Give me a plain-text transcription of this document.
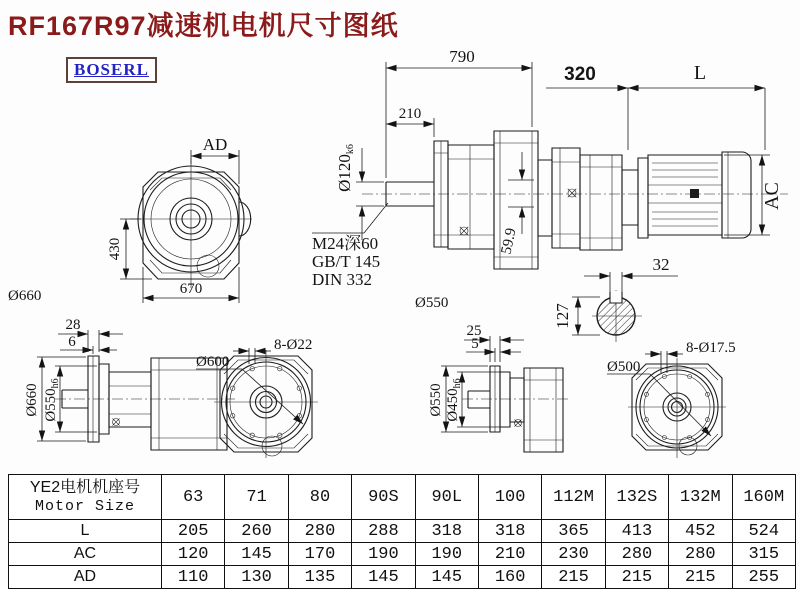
RF167R97减速机电机尺寸图纸
BOSERL
AD
430
670
Ø660
59.9
790
210
Ø120k6
M24深60
GB/T 145
DIN 332
320	L
AC
Ø550
32
127
28
6
Ø660 $Ø550_{h6}$
Ø600
8-Ø22
25
5
Ø550 $Ø450_{h6}$
Ø500
8-Ø17.5
YE2电机机座号
Motor Size	63	71	80	90S	90L	100	112M	132S	132M	160M
L	205	260	280	288	318	318	365	413	452	524
AC	120	145	170	190	190	210	230	280	280	315
AD	110	130	135	145	145	160	215	215	215	255
